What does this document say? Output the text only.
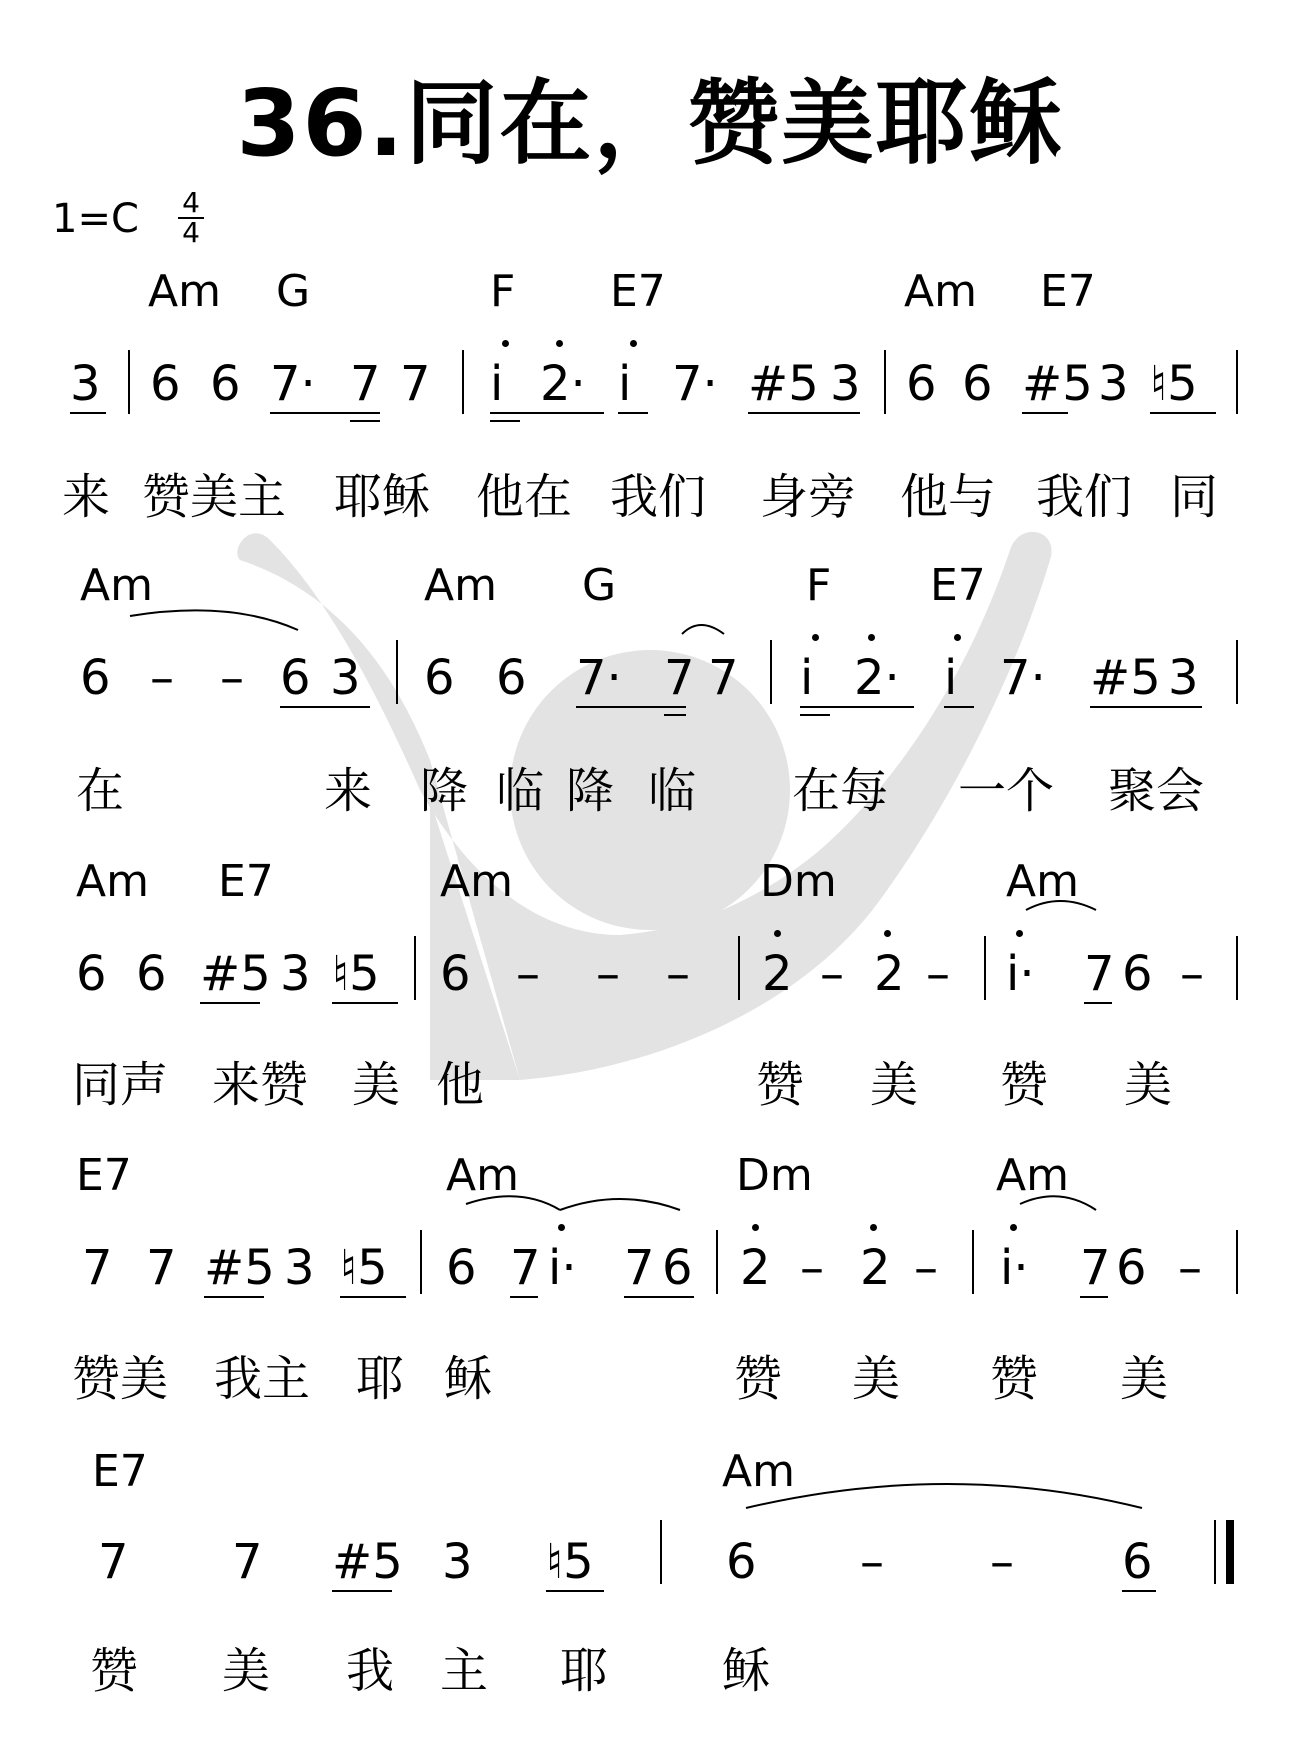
36.同在，赞美耶稣
1=C 4
4
Am G	F E7	Am E7
3 6 6 7· 7 7 i 2· i 7· #5 3 6 6 #5 3 ♮5
来 赞美主 耶稣 他在 我们 身旁 他与 我们 同
Am	Am G	F E7
6 – – 6 3 6 6 7· 7 7 i 2· i 7· #5 3
在	来 降 临 降 临 在每 一个 聚会
Am E7	Am	Dm	Am
6 6 #5 3 ♮5 6 – – – 2 – 2 – i· 7 6 –
同声 来赞 美 他	赞 美 赞 美
E7	Am	Dm	Am
7 7 #5 3 ♮5 6 7 i· 7 6 2 – 2 – i· 7 6 –
赞美 我主 耶 稣	赞 美 赞 美
E7	Am
7 7 #5 3 ♮5	6 – – 6
赞 美 我 主 耶 稣
